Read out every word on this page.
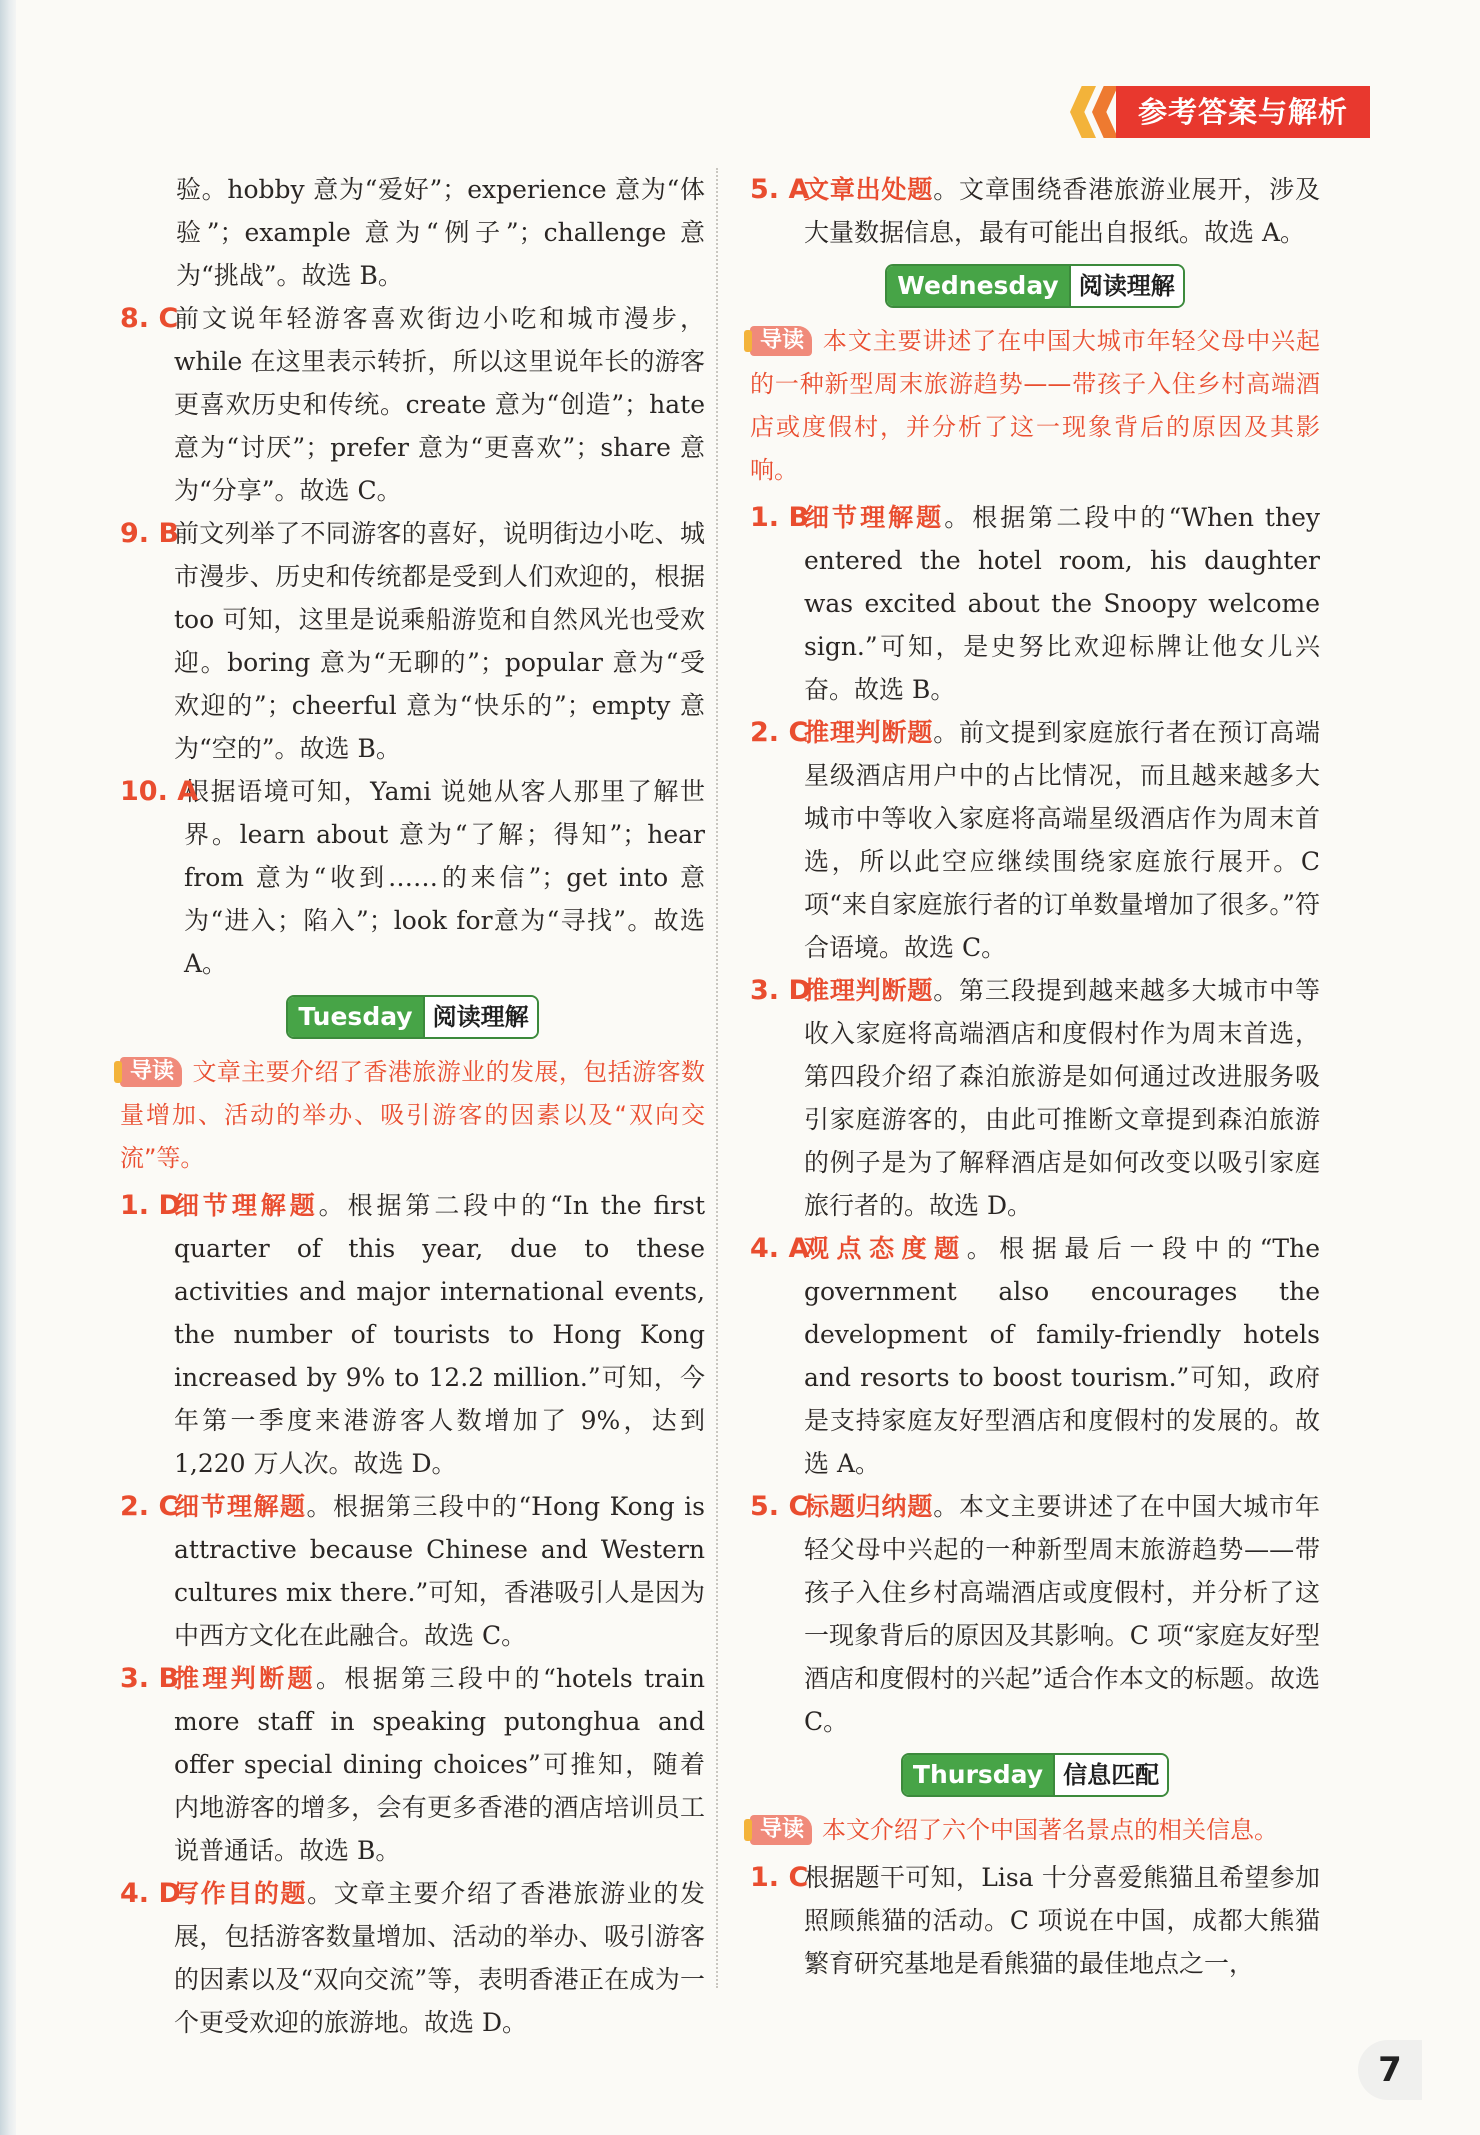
参考答案与解析

验。hobby 意为“爱好”；experience 意为“体验”；example 意为“例子”；challenge 意为“挑战”。故选 B。

8. C
前文说年轻游客喜欢街边小吃和城市漫步，while 在这里表示转折，所以这里说年长的游客更喜欢历史和传统。create 意为“创造”；hate 意为“讨厌”；prefer 意为“更喜欢”；share 意为“分享”。故选 C。
9. B
前文列举了不同游客的喜好，说明街边小吃、城市漫步、历史和传统都是受到人们欢迎的，根据 too 可知，这里是说乘船游览和自然风光也受欢迎。boring 意为“无聊的”；popular 意为“受欢迎的”；cheerful 意为“快乐的”；empty 意为“空的”。故选 B。
10. A
根据语境可知，Yami 说她从客人那里了解世界。learn about 意为“了解；得知”；hear from 意为“收到……的来信”；get into 意为“进入；陷入”；look for意为“寻找”。故选 A。
Tuesday 阅读理解

导读 文章主要介绍了香港旅游业的发展，包括游客数量增加、活动的举办、吸引游客的因素以及“双向交流”等。

1. D
细节理解题。根据第二段中的“In the first quarter of this year, due to these activities and major international events, the number of tourists to Hong Kong increased by 9% to 12.2 million.”可知，今年第一季度来港游客人数增加了 9%，达到 1,220 万人次。故选 D。
2. C
细节理解题。根据第三段中的“Hong Kong is attractive because Chinese and Western cultures mix there.”可知，香港吸引人是因为中西方文化在此融合。故选 C。
3. B
推理判断题。根据第三段中的“hotels train more staff in speaking putonghua and offer special dining choices”可推知，随着内地游客的增多，会有更多香港的酒店培训员工说普通话。故选 B。
4. D
写作目的题。文章主要介绍了香港旅游业的发展，包括游客数量增加、活动的举办、吸引游客的因素以及“双向交流”等，表明香港正在成为一个更受欢迎的旅游地。故选 D。
5. A
文章出处题。文章围绕香港旅游业展开，涉及大量数据信息，最有可能出自报纸。故选 A。
Wednesday 阅读理解

导读 本文主要讲述了在中国大城市年轻父母中兴起的一种新型周末旅游趋势——带孩子入住乡村高端酒店或度假村，并分析了这一现象背后的原因及其影响。

1. B
细节理解题。根据第二段中的“When they entered the hotel room, his daughter was excited about the Snoopy welcome sign.”可知，是史努比欢迎标牌让他女儿兴奋。故选 B。
2. C
推理判断题。前文提到家庭旅行者在预订高端星级酒店用户中的占比情况，而且越来越多大城市中等收入家庭将高端星级酒店作为周末首选，所以此空应继续围绕家庭旅行展开。C 项“来自家庭旅行者的订单数量增加了很多。”符合语境。故选 C。
3. D
推理判断题。第三段提到越来越多大城市中等收入家庭将高端酒店和度假村作为周末首选，第四段介绍了森泊旅游是如何通过改进服务吸引家庭游客的，由此可推断文章提到森泊旅游的例子是为了解释酒店是如何改变以吸引家庭旅行者的。故选 D。
4. A
观点态度题。根据最后一段中的“The government also encourages the development of family-friendly hotels and resorts to boost tourism.”可知，政府是支持家庭友好型酒店和度假村的发展的。故选 A。
5. C
标题归纳题。本文主要讲述了在中国大城市年轻父母中兴起的一种新型周末旅游趋势——带孩子入住乡村高端酒店或度假村，并分析了这一现象背后的原因及其影响。C 项“家庭友好型酒店和度假村的兴起”适合作本文的标题。故选 C。
Thursday 信息匹配

导读 本文介绍了六个中国著名景点的相关信息。

1. C
根据题干可知，Lisa 十分喜爱熊猫且希望参加照顾熊猫的活动。C 项说在中国，成都大熊猫繁育研究基地是看熊猫的最佳地点之一，
7
